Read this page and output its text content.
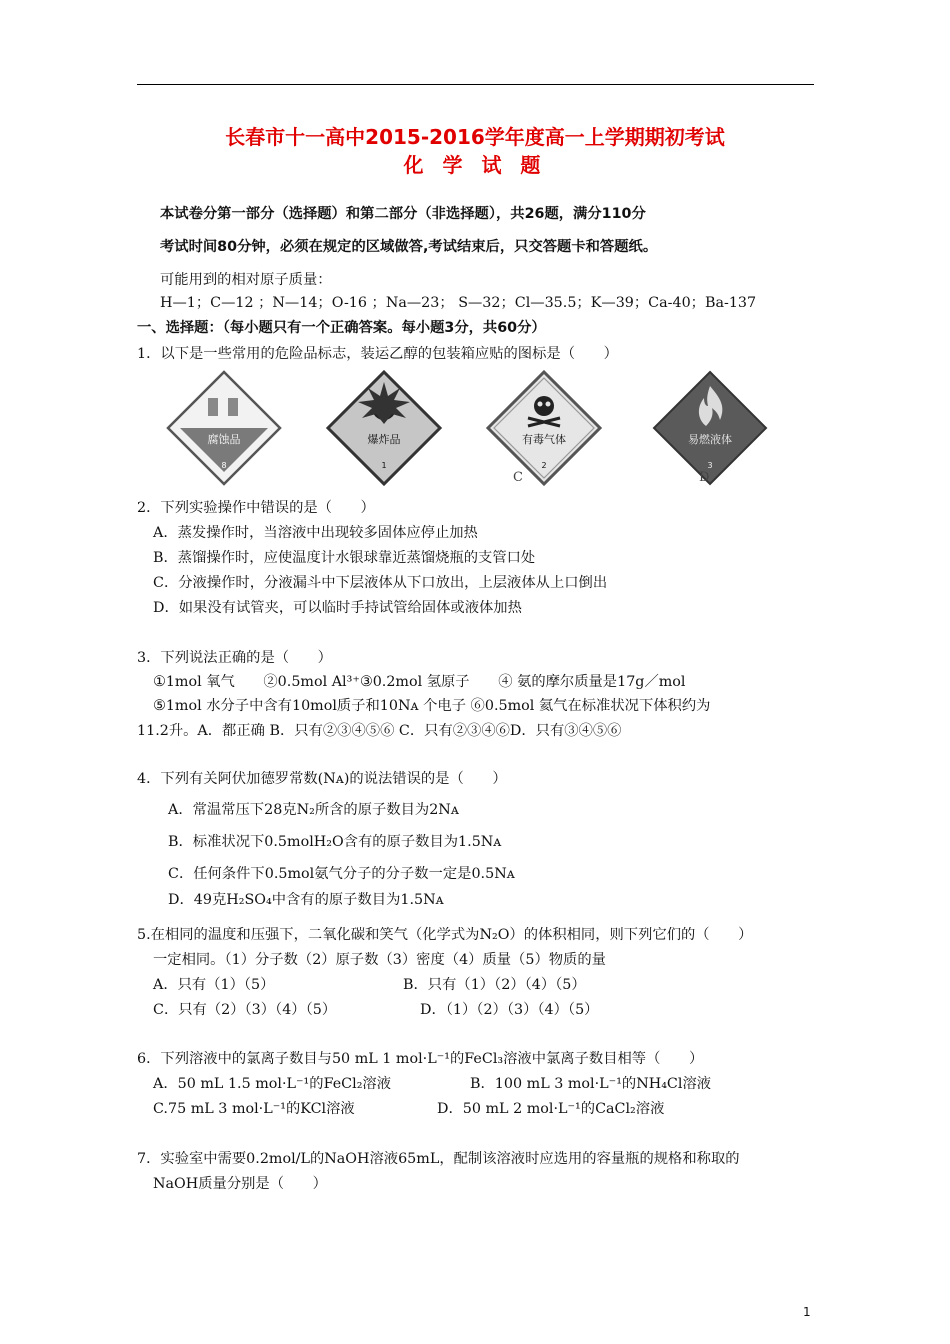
长春市十一高中2015-2016学年度高一上学期期初考试
化 学 试 题
本试卷分第一部分（选择题）和第二部分（非选择题），共26题，满分110分
考试时间80分钟，必须在规定的区域做答,考试结束后，只交答题卡和答题纸。
可能用到的相对原子质量：
H—1；C—12 ；N—14；O-16 ；Na—23； S—32；Cl—35.5；K—39；Ca-40；Ba-137
一、选择题：（每小题只有一个正确答案。每小题3分，共60分）
1．以下是一些常用的危险品标志，装运乙醇的包装箱应贴的图标是（　　）
腐蚀品
8
爆炸品
1
有毒气体
2
易燃液体
3
C	D
2．下列实验操作中错误的是（　　）
A．蒸发操作时，当溶液中出现较多固体应停止加热
B．蒸馏操作时，应使温度计水银球靠近蒸馏烧瓶的支管口处
C．分液操作时，分液漏斗中下层液体从下口放出，上层液体从上口倒出
D．如果没有试管夹，可以临时手持试管给固体或液体加热
3．下列说法正确的是（　　）
①1mol 氧气　　②0.5mol Al³⁺③0.2mol 氢原子　　④ 氨的摩尔质量是17g／mol
⑤1mol 水分子中含有10mol质子和10Nᴀ 个电子 ⑥0.5mol 氦气在标准状况下体积约为
11.2升。A．都正确 B．只有②③④⑤⑥ C．只有②③④⑥D．只有③④⑤⑥
4．下列有关阿伏加德罗常数(Nᴀ)的说法错误的是（　　）
A．常温常压下28克N₂所含的原子数目为2Nᴀ
B．标准状况下0.5molH₂O含有的原子数目为1.5Nᴀ
C．任何条件下0.5mol氨气分子的分子数一定是0.5Nᴀ
D．49克H₂SO₄中含有的原子数目为1.5Nᴀ
5.在相同的温度和压强下，二氧化碳和笑气（化学式为N₂O）的体积相同，则下列它们的（　　）
一定相同。（1）分子数（2）原子数（3）密度（4）质量（5）物质的量
A．只有（1）（5）	B．只有（1）（2）（4）（5）
C．只有（2）（3）（4）（5）	D．（1）（2）（3）（4）（5）
6．下列溶液中的氯离子数目与50 mL 1 mol·L⁻¹的FeCl₃溶液中氯离子数目相等（　　）
A．50 mL 1.5 mol·L⁻¹的FeCl₂溶液	B．100 mL 3 mol·L⁻¹的NH₄Cl溶液
C.75 mL 3 mol·L⁻¹的KCl溶液	D．50 mL 2 mol·L⁻¹的CaCl₂溶液
7．实验室中需要0.2mol/L的NaOH溶液65mL，配制该溶液时应选用的容量瓶的规格和称取的
NaOH质量分别是（　　）
1
